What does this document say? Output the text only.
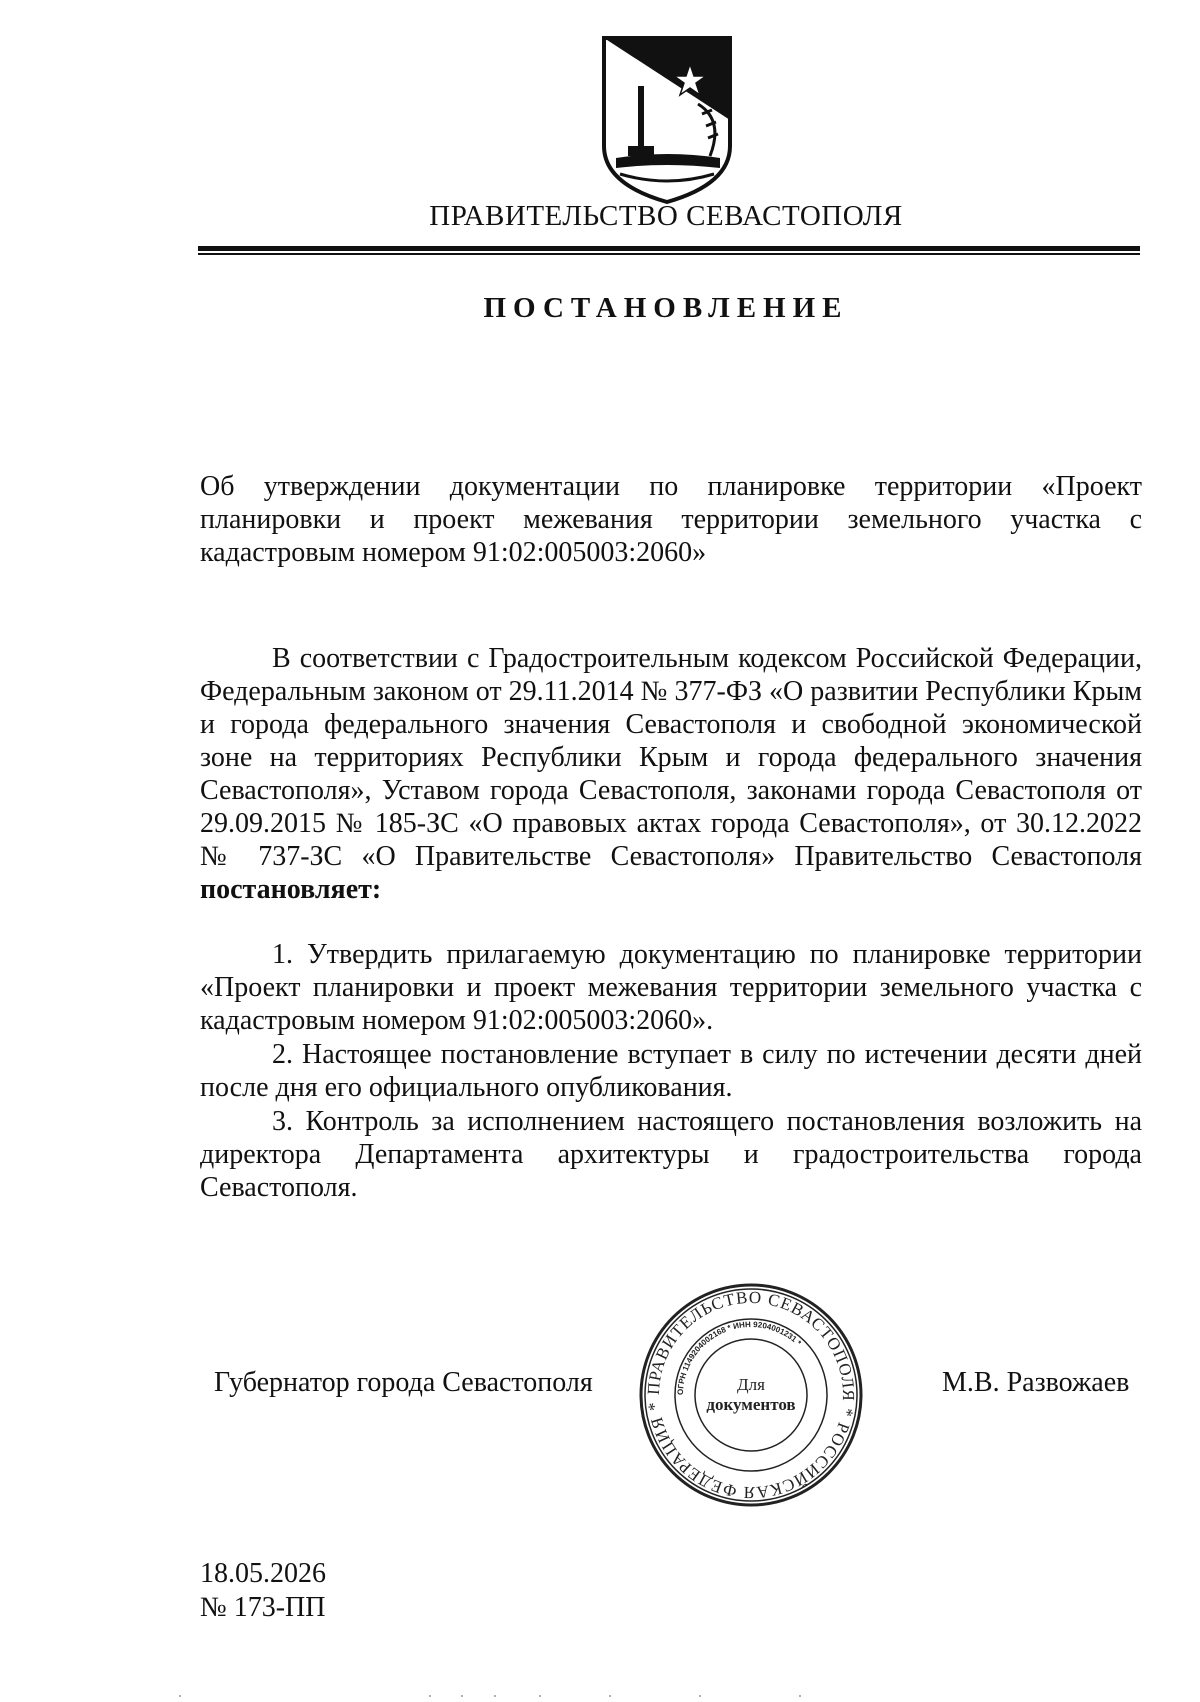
ПРАВИТЕЛЬСТВО СЕВАСТОПОЛЯ
ПОСТАНОВЛЕНИЕ
Об утверждении документации по планировке территории «Проект планировки и проект межевания территории земельного участка с кадастровым номером 91:02:005003:2060»
В соответствии с Градостроительным кодексом Российской Федерации, Федеральным законом от 29.11.2014 № 377-ФЗ «О развитии Республики Крым и города федерального значения Севастополя и свободной экономической зоне на территориях Республики Крым и города федерального значения Севастополя», Уставом города Севастополя, законами города Севастополя от 29.09.2015 № 185-ЗС «О правовых актах города Севастополя», от 30.12.2022 № 737-ЗС «О Правительстве Севастополя» Правительство Севастополя постановляет:

1. Утвердить прилагаемую документацию по планировке территории «Проект планировки и проект межевания территории земельного участка с кадастровым номером 91:02:005003:2060».

2. Настоящее постановление вступает в силу по истечении десяти дней после дня его официального опубликования.

3. Контроль за исполнением настоящего постановления возложить на директора Департамента архитектуры и градостроительства города Севастополя.

Губернатор города Севастополя	М.В. Развожаев
ПРАВИТЕЛЬСТВО СЕВАСТОПОЛЯ * РОССИЙСКАЯ ФЕДЕРАЦИЯ *
ОГРН 1149204002168 * ИНН 9204001231 *
Для
документов
18.05.2026
№ 173-ПП
